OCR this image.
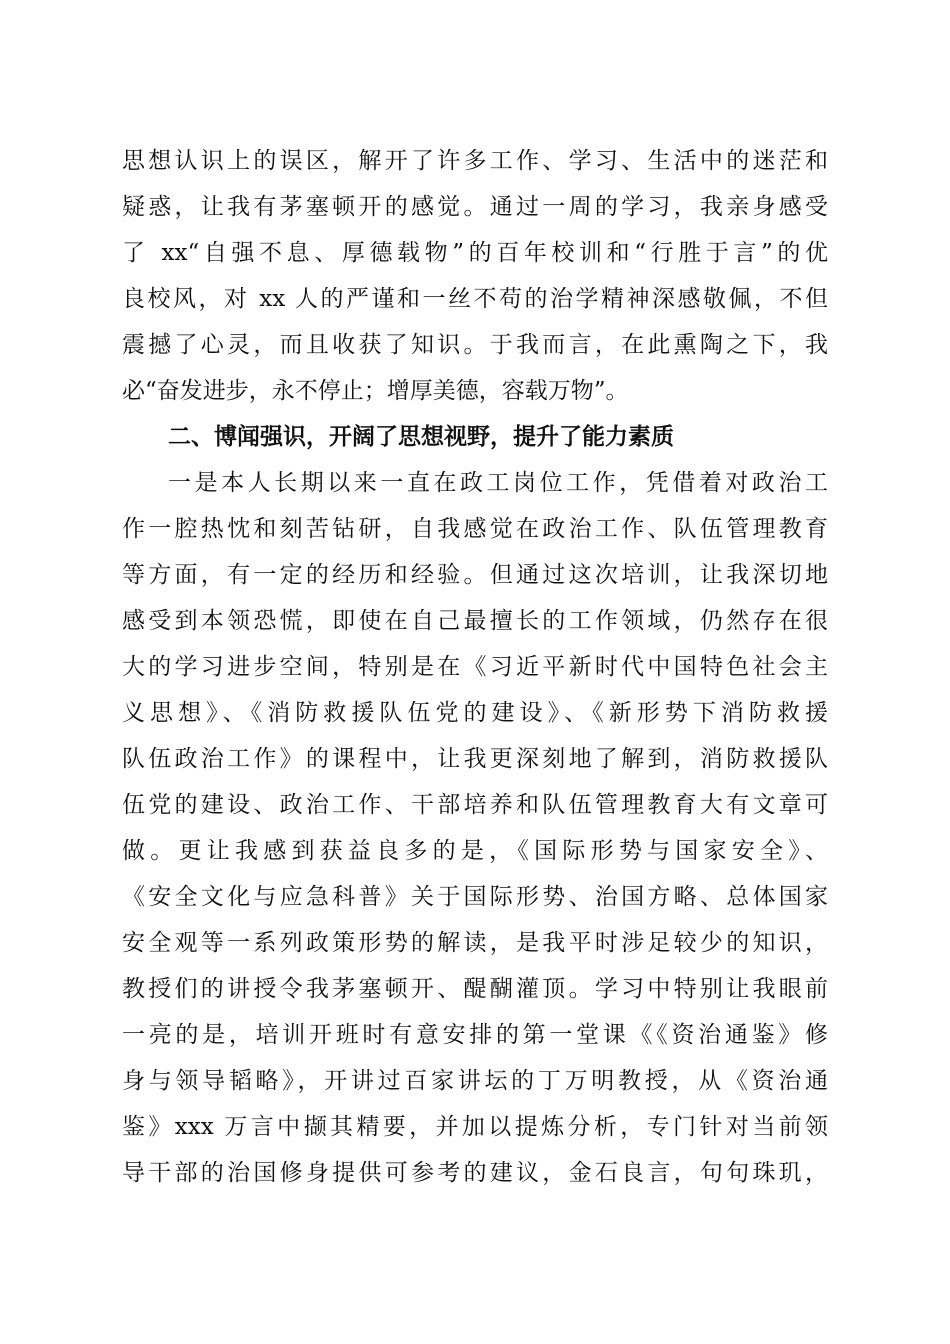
思想认识上的误区，解开了许多工作、学习、生活中的迷茫和
疑惑，让我有茅塞顿开的感觉。通过一周的学习，我亲身感受
了 xx“自强不息、厚德载物”的百年校训和“行胜于言”的优
良校风，对 xx 人的严谨和一丝不苟的治学精神深感敬佩，不但
震撼了心灵，而且收获了知识。于我而言，在此熏陶之下，我
必“奋发进步，永不停止；增厚美德，容载万物”。
二、博闻强识，开阔了思想视野，提升了能力素质
一是本人长期以来一直在政工岗位工作，凭借着对政治工
作一腔热忱和刻苦钻研，自我感觉在政治工作、队伍管理教育
等方面，有一定的经历和经验。但通过这次培训，让我深切地
感受到本领恐慌，即使在自己最擅长的工作领域，仍然存在很
大的学习进步空间，特别是在《习近平新时代中国特色社会主
义思想》、《消防救援队伍党的建设》、《新形势下消防救援
队伍政治工作》的课程中，让我更深刻地了解到，消防救援队
伍党的建设、政治工作、干部培养和队伍管理教育大有文章可
做。更让我感到获益良多的是，《国际形势与国家安全》、
《安全文化与应急科普》关于国际形势、治国方略、总体国家
安全观等一系列政策形势的解读，是我平时涉足较少的知识，
教授们的讲授令我茅塞顿开、醍醐灌顶。学习中特别让我眼前
一亮的是，培训开班时有意安排的第一堂课《《资治通鉴》修
身与领导韬略》，开讲过百家讲坛的丁万明教授，从《资治通
鉴》xxx 万言中撷其精要，并加以提炼分析，专门针对当前领
导干部的治国修身提供可参考的建议，金石良言，句句珠玑，
